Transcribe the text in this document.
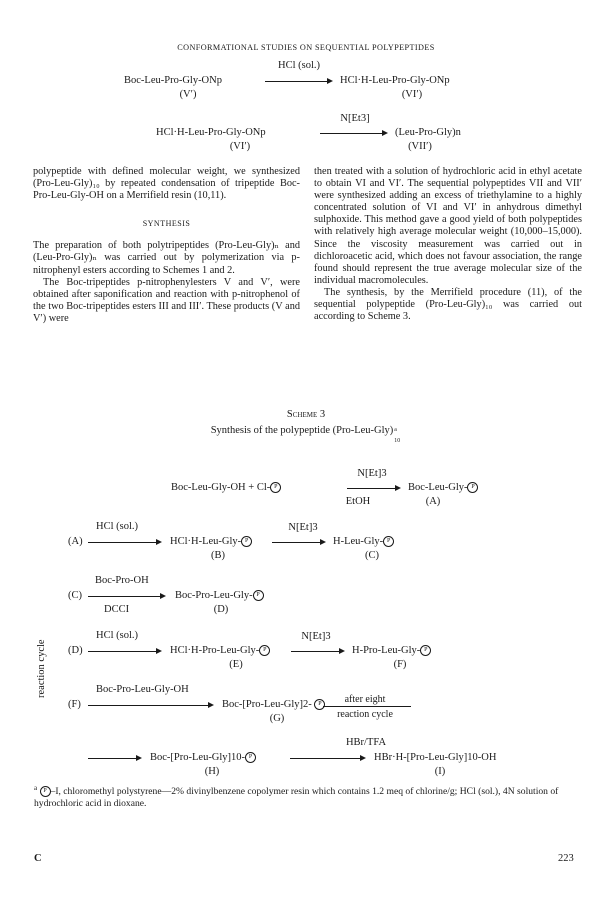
CONFORMATIONAL STUDIES ON SEQUENTIAL POLYPEPTIDES
HCl (sol.)
Boc-Leu-Pro-Gly-ONp	HCl·H-Leu-Pro-Gly-ONp
(V′)	(VI′)
N[Et3]
HCl·H-Leu-Pro-Gly-ONp	(Leu-Pro-Gly)n
(VI′)	(VII′)

polypeptide with defined molecular weight, we synthesized (Pro-Leu-Gly)₁₀ by repeated condensation of tripeptide Boc-Pro-Leu-Gly-OH on a Merrifield resin (10,11).

SYNTHESIS

The preparation of both polytripeptides (Pro-Leu-Gly)ₙ and (Leu-Pro-Gly)ₙ was carried out by polymerization via p-nitrophenyl esters according to Schemes 1 and 2.

The Boc-tripeptides p-nitrophenylesters V and V′, were obtained after saponification and reaction with p-nitrophenol of the two Boc-tripeptides esters III and III′. These products (V and V′) were

then treated with a solution of hydrochloric acid in ethyl acetate to obtain VI and VI′. The sequential polypeptides VII and VII′ were synthesized adding an excess of triethylamine to a highly concentrated solution of VI and VI′ in anhydrous dimethyl sulphoxide. This method gave a good yield of both polypeptides with relatively high average molecular weight (10,000–15,000). Since the viscosity measurement was carried out in dichloroacetic acid, which does not favour association, the range found should represent the true average molecular size of the individual macromolecules.

The synthesis, by the Merrifield procedure (11), of the sequential polypeptide (Pro-Leu-Gly)₁₀ was carried out according to Scheme 3.

Scheme 3
Synthesis of the polypeptide (Pro-Leu-Gly) a
10
N[Et]3
Boc-Leu-Gly-OH + Cl- P	Boc-Leu-Gly- P
EtOH	(A)
HCl (sol.)	N[Et]3
(A)	HCl·H-Leu-Gly- P	H-Leu-Gly- P
(B)	(C)
Boc-Pro-OH
(C)	Boc-Pro-Leu-Gly- P
DCCI	(D)
HCl (sol.)	N[Et]3
(D)	HCl·H-Pro-Leu-Gly- P	H-Pro-Leu-Gly- P
(E)	(F)
Boc-Pro-Leu-Gly-OH
(F)	Boc-[Pro-Leu-Gly]2- P	after eight
reaction cycle
(G)
reaction cycle
HBr/TFA
Boc-[Pro-Leu-Gly]10- P	HBr·H-[Pro-Leu-Gly]10-OH
(H)	(I)
$^a$ P –I, chloromethyl polystyrene—2% divinylbenzene copolymer resin which contains 1.2 meq of chlorine/g; HCl (sol.), 4N solution of hydrochloric acid in dioxane.
C	223
